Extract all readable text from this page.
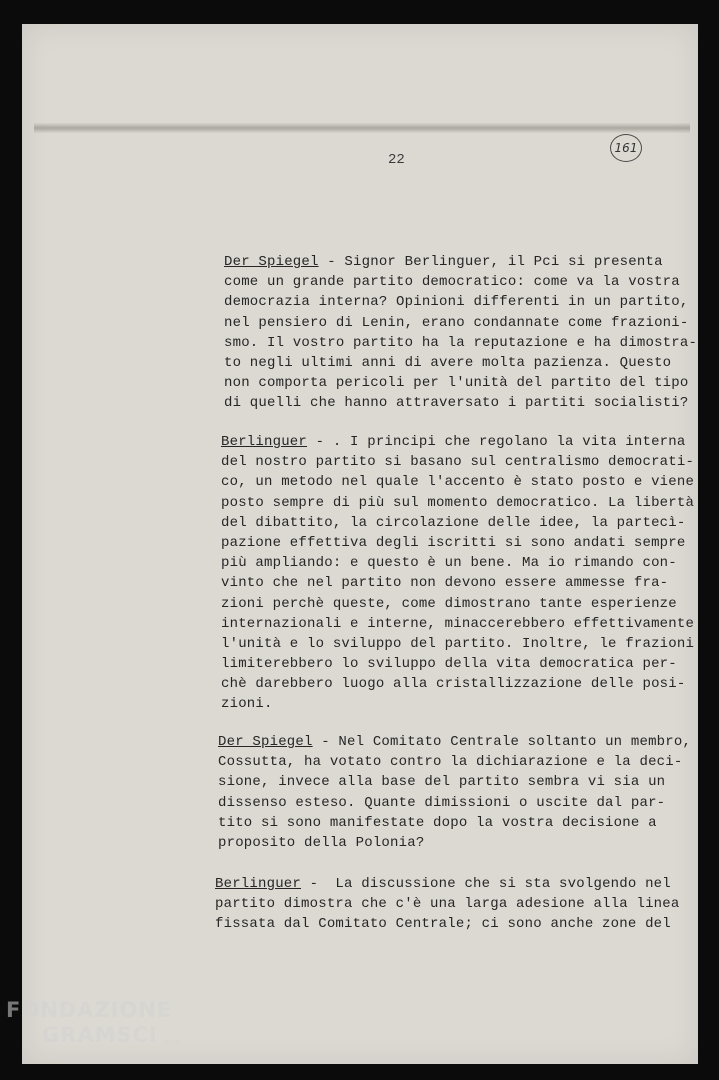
22
161
Der Spiegel - Signor Berlinguer, il Pci si presenta
come un grande partito democratico: come va la vostra
democrazia interna? Opinioni differenti in un partito,
nel pensiero di Lenin, erano condannate come frazioni-
smo. Il vostro partito ha la reputazione e ha dimostra-
to negli ultimi anni di avere molta pazienza. Questo
non comporta pericoli per l'unità del partito del tipo
di quelli che hanno attraversato i partiti socialisti?
Berlinguer - . I principi che regolano la vita interna
del nostro partito si basano sul centralismo democrati-
co, un metodo nel quale l'accento è stato posto e viene
posto sempre di più sul momento democratico. La libertà
del dibattito, la circolazione delle idee, la partecì-
pazione effettiva degli iscritti si sono andati sempre
più ampliando: e questo è un bene. Ma io rimando con-
vinto che nel partito non devono essere ammesse fra-
zioni perchè queste, come dimostrano tante esperienze
internazionali e interne, minaccerebbero effettivamente
l'unità e lo sviluppo del partito. Inoltre, le frazioni
limiterebbero lo sviluppo della vita democratica per-
chè darebbero luogo alla cristallizzazione delle posi-
zioni.
Der Spiegel - Nel Comitato Centrale soltanto un membro,
Cossutta, ha votato contro la dichiarazione e la deci-
sione, invece alla base del partito sembra vi sia un
dissenso esteso. Quante dimissioni o uscite dal par-
tito si sono manifestate dopo la vostra decisione a
proposito della Polonia?
Berlinguer -  La discussione che si sta svolgendo nel
partito dimostra che c'è una larga adesione alla linea
fissata dal Comitato Centrale; ci sono anche zone del
FONDAZIONE
GRAMSCI onlus
